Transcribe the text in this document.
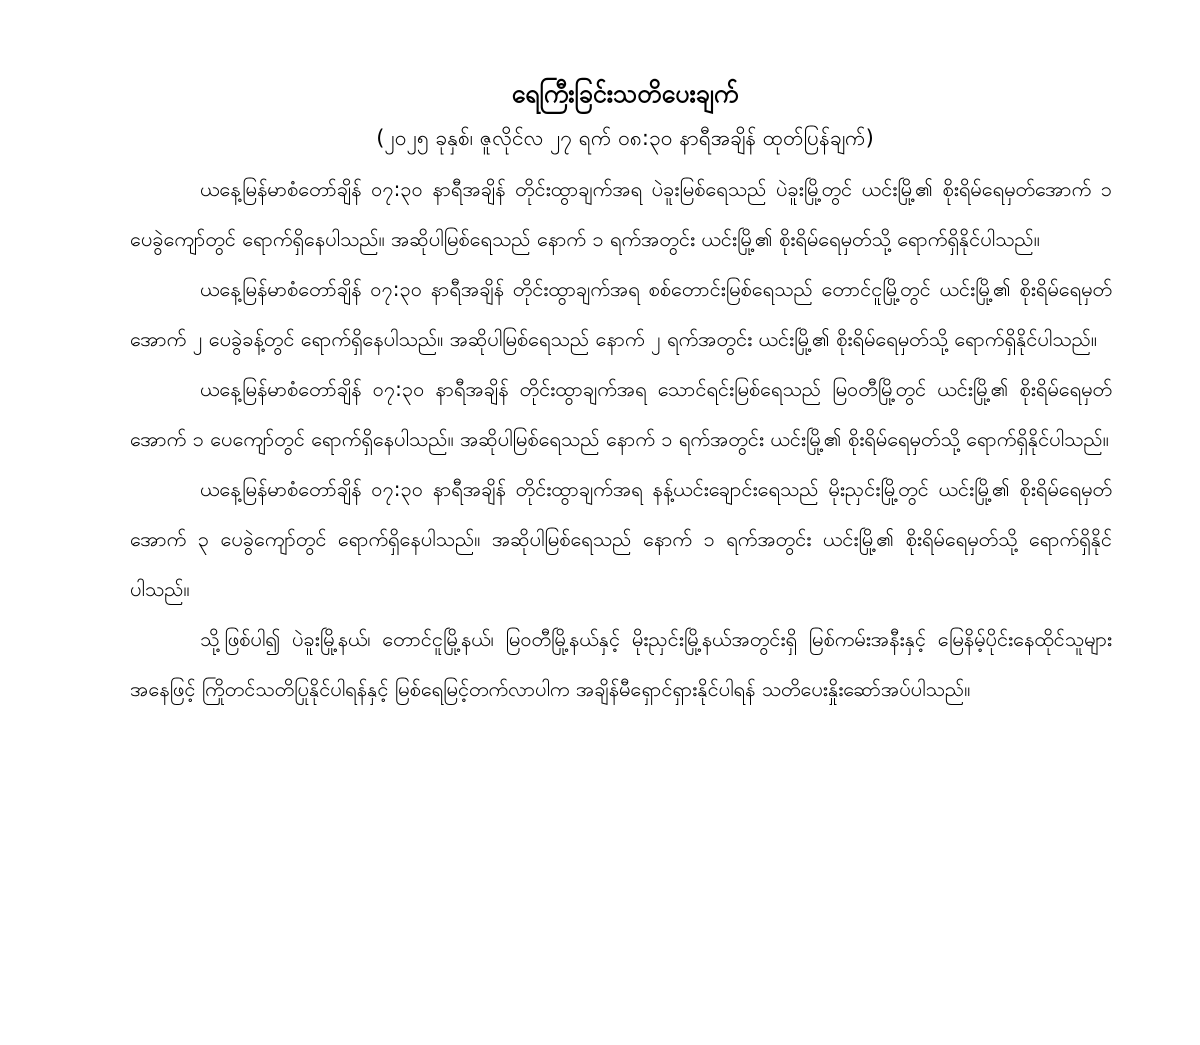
ရေကြီးခြင်းသတိပေးချက်
(၂၀၂၅ ခုနှစ်၊ ဇူလိုင်လ ၂၇ ရက် ၀၈:၃၀ နာရီအချိန် ထုတ်ပြန်ချက်)

ယနေ့မြန်မာစံတော်ချိန် ၀၇:၃၀ နာရီအချိန် တိုင်းထွာချက်အရ ပဲခူးမြစ်ရေသည် ပဲခူးမြို့တွင် ယင်းမြို့၏ စိုးရိမ်ရေမှတ်အောက် ၁ ပေခွဲကျော်တွင် ရောက်ရှိနေပါသည်။ အဆိုပါမြစ်ရေသည် နောက် ၁ ရက်အတွင်း ယင်းမြို့၏ စိုးရိမ်ရေမှတ်သို့ ရောက်ရှိနိုင်ပါသည်။

ယနေ့မြန်မာစံတော်ချိန် ၀၇:၃၀ နာရီအချိန် တိုင်းထွာချက်အရ စစ်တောင်းမြစ်ရေသည် တောင်ငူမြို့တွင် ယင်းမြို့၏ စိုးရိမ်ရေမှတ်အောက် ၂ ပေခွဲခန့်တွင် ရောက်ရှိနေပါသည်။ အဆိုပါမြစ်ရေသည် နောက် ၂ ရက်အတွင်း ယင်းမြို့၏ စိုးရိမ်ရေမှတ်သို့ ရောက်ရှိနိုင်ပါသည်။

ယနေ့မြန်မာစံတော်ချိန် ၀၇:၃၀ နာရီအချိန် တိုင်းထွာချက်အရ သောင်ရင်းမြစ်ရေသည် မြဝတီမြို့တွင် ယင်းမြို့၏ စိုးရိမ်ရေမှတ်အောက် ၁ ပေကျော်တွင် ရောက်ရှိနေပါသည်။ အဆိုပါမြစ်ရေသည် နောက် ၁ ရက်အတွင်း ယင်းမြို့၏ စိုးရိမ်ရေမှတ်သို့ ရောက်ရှိနိုင်ပါသည်။

ယနေ့မြန်မာစံတော်ချိန် ၀၇:၃၀ နာရီအချိန် တိုင်းထွာချက်အရ နန့်ယင်းချောင်းရေသည် မိုးညှင်းမြို့တွင် ယင်းမြို့၏ စိုးရိမ်ရေမှတ်အောက် ၃ ပေခွဲကျော်တွင် ရောက်ရှိနေပါသည်။ အဆိုပါမြစ်ရေသည် နောက် ၁ ရက်အတွင်း ယင်းမြို့၏ စိုးရိမ်ရေမှတ်သို့ ရောက်ရှိနိုင်ပါသည်။

သို့ဖြစ်ပါ၍ ပဲခူးမြို့နယ်၊ တောင်ငူမြို့နယ်၊ မြဝတီမြို့နယ်နှင့် မိုးညှင်းမြို့နယ်အတွင်းရှိ မြစ်ကမ်းအနီးနှင့် မြေနိမ့်ပိုင်းနေထိုင်သူများအနေဖြင့် ကြိုတင်သတိပြုနိုင်ပါရန်နှင့် မြစ်ရေမြင့်တက်လာပါက အချိန်မီရှောင်ရှားနိုင်ပါရန် သတိပေးနှိုးဆော်အပ်ပါသည်။
